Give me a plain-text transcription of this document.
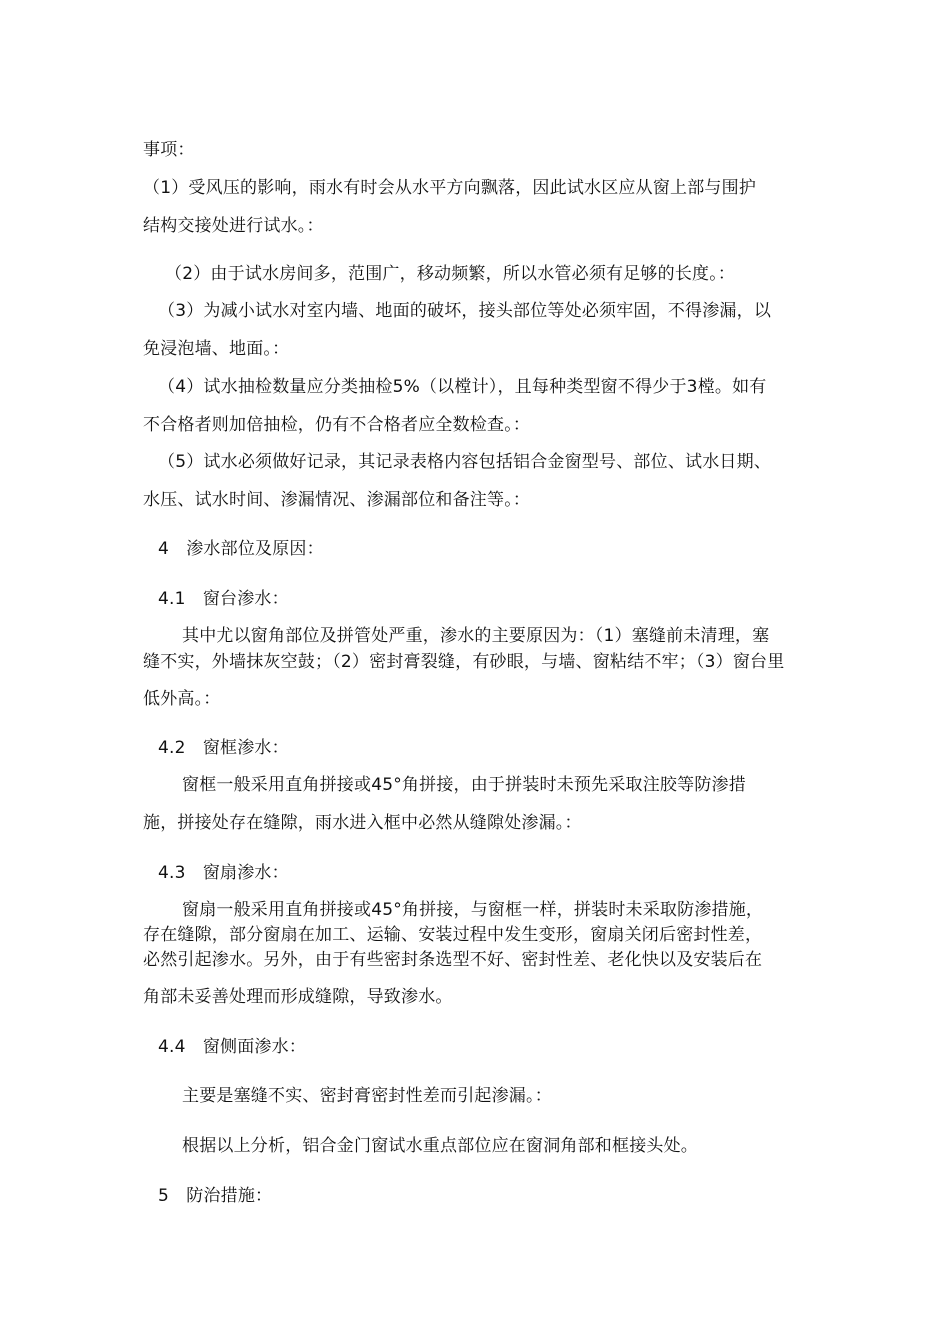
事项：
（1）受风压的影响，雨水有时会从水平方向飘落，因此试水区应从窗上部与围护
结构交接处进行试水。：
（2）由于试水房间多，范围广，移动频繁，所以水管必须有足够的长度。：
（3）为减小试水对室内墙、地面的破坏，接头部位等处必须牢固，不得渗漏，以
免浸泡墙、地面。：
（4）试水抽检数量应分类抽检5%（以樘计），且每种类型窗不得少于3樘。如有
不合格者则加倍抽检，仍有不合格者应全数检查。：
（5）试水必须做好记录，其记录表格内容包括铝合金窗型号、部位、试水日期、
水压、试水时间、渗漏情况、渗漏部位和备注等。：
4　渗水部位及原因：
4.1　窗台渗水：
其中尤以窗角部位及拼管处严重，渗水的主要原因为：（1）塞缝前未清理，塞
缝不实，外墙抹灰空鼓；（2）密封膏裂缝，有砂眼，与墙、窗粘结不牢；（3）窗台里
低外高。：
4.2　窗框渗水：
窗框一般采用直角拼接或45°角拼接，由于拼装时未预先采取注胶等防渗措
施，拼接处存在缝隙，雨水进入框中必然从缝隙处渗漏。：
4.3　窗扇渗水：
窗扇一般采用直角拼接或45°角拼接，与窗框一样，拼装时未采取防渗措施，
存在缝隙，部分窗扇在加工、运输、安装过程中发生变形，窗扇关闭后密封性差，
必然引起渗水。另外，由于有些密封条选型不好、密封性差、老化快以及安装后在
角部未妥善处理而形成缝隙，导致渗水。
4.4　窗侧面渗水：
主要是塞缝不实、密封膏密封性差而引起渗漏。：
根据以上分析，铝合金门窗试水重点部位应在窗洞角部和框接头处。
5　防治措施：
